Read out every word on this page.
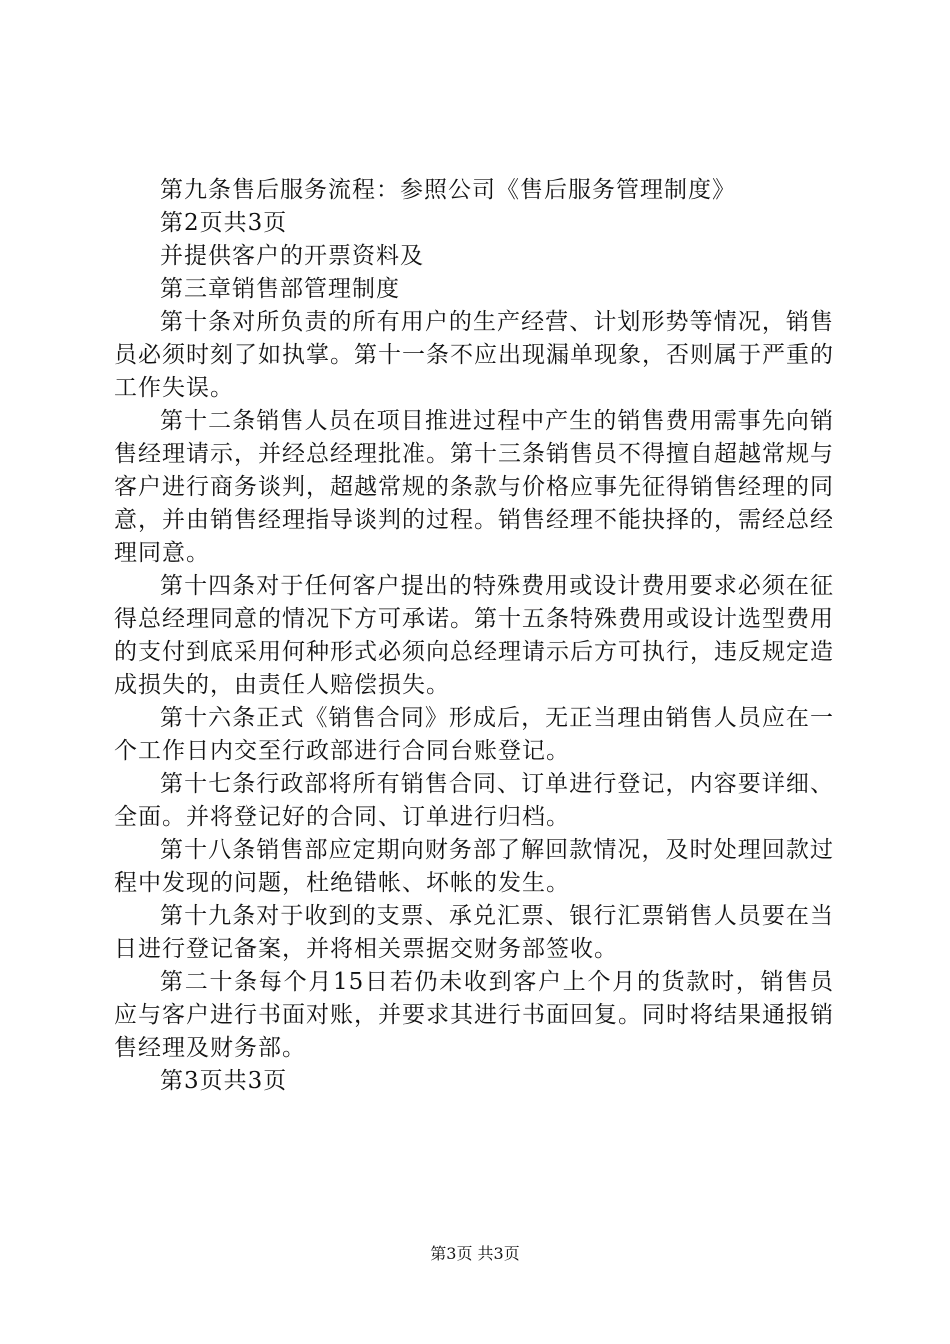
第九条售后服务流程：参照公司《售后服务管理制度》

第2页共3页

并提供客户的开票资料及

第三章销售部管理制度

第十条对所负责的所有用户的生产经营、计划形势等情况，销售员必须时刻了如执掌。第十一条不应出现漏单现象，否则属于严重的工作失误。

第十二条销售人员在项目推进过程中产生的销售费用需事先向销售经理请示，并经总经理批准。第十三条销售员不得擅自超越常规与客户进行商务谈判，超越常规的条款与价格应事先征得销售经理的同意，并由销售经理指导谈判的过程。销售经理不能抉择的，需经总经理同意。

第十四条对于任何客户提出的特殊费用或设计费用要求必须在征得总经理同意的情况下方可承诺。第十五条特殊费用或设计选型费用的支付到底采用何种形式必须向总经理请示后方可执行，违反规定造成损失的，由责任人赔偿损失。

第十六条正式《销售合同》形成后，无正当理由销售人员应在一个工作日内交至行政部进行合同台账登记。

第十七条行政部将所有销售合同、订单进行登记，内容要详细、全面。并将登记好的合同、订单进行归档。

第十八条销售部应定期向财务部了解回款情况，及时处理回款过程中发现的问题，杜绝错帐、坏帐的发生。

第十九条对于收到的支票、承兑汇票、银行汇票销售人员要在当日进行登记备案，并将相关票据交财务部签收。

第二十条每个月15日若仍未收到客户上个月的货款时，销售员应与客户进行书面对账，并要求其进行书面回复。同时将结果通报销售经理及财务部。

第3页共3页

第3页 共3页
